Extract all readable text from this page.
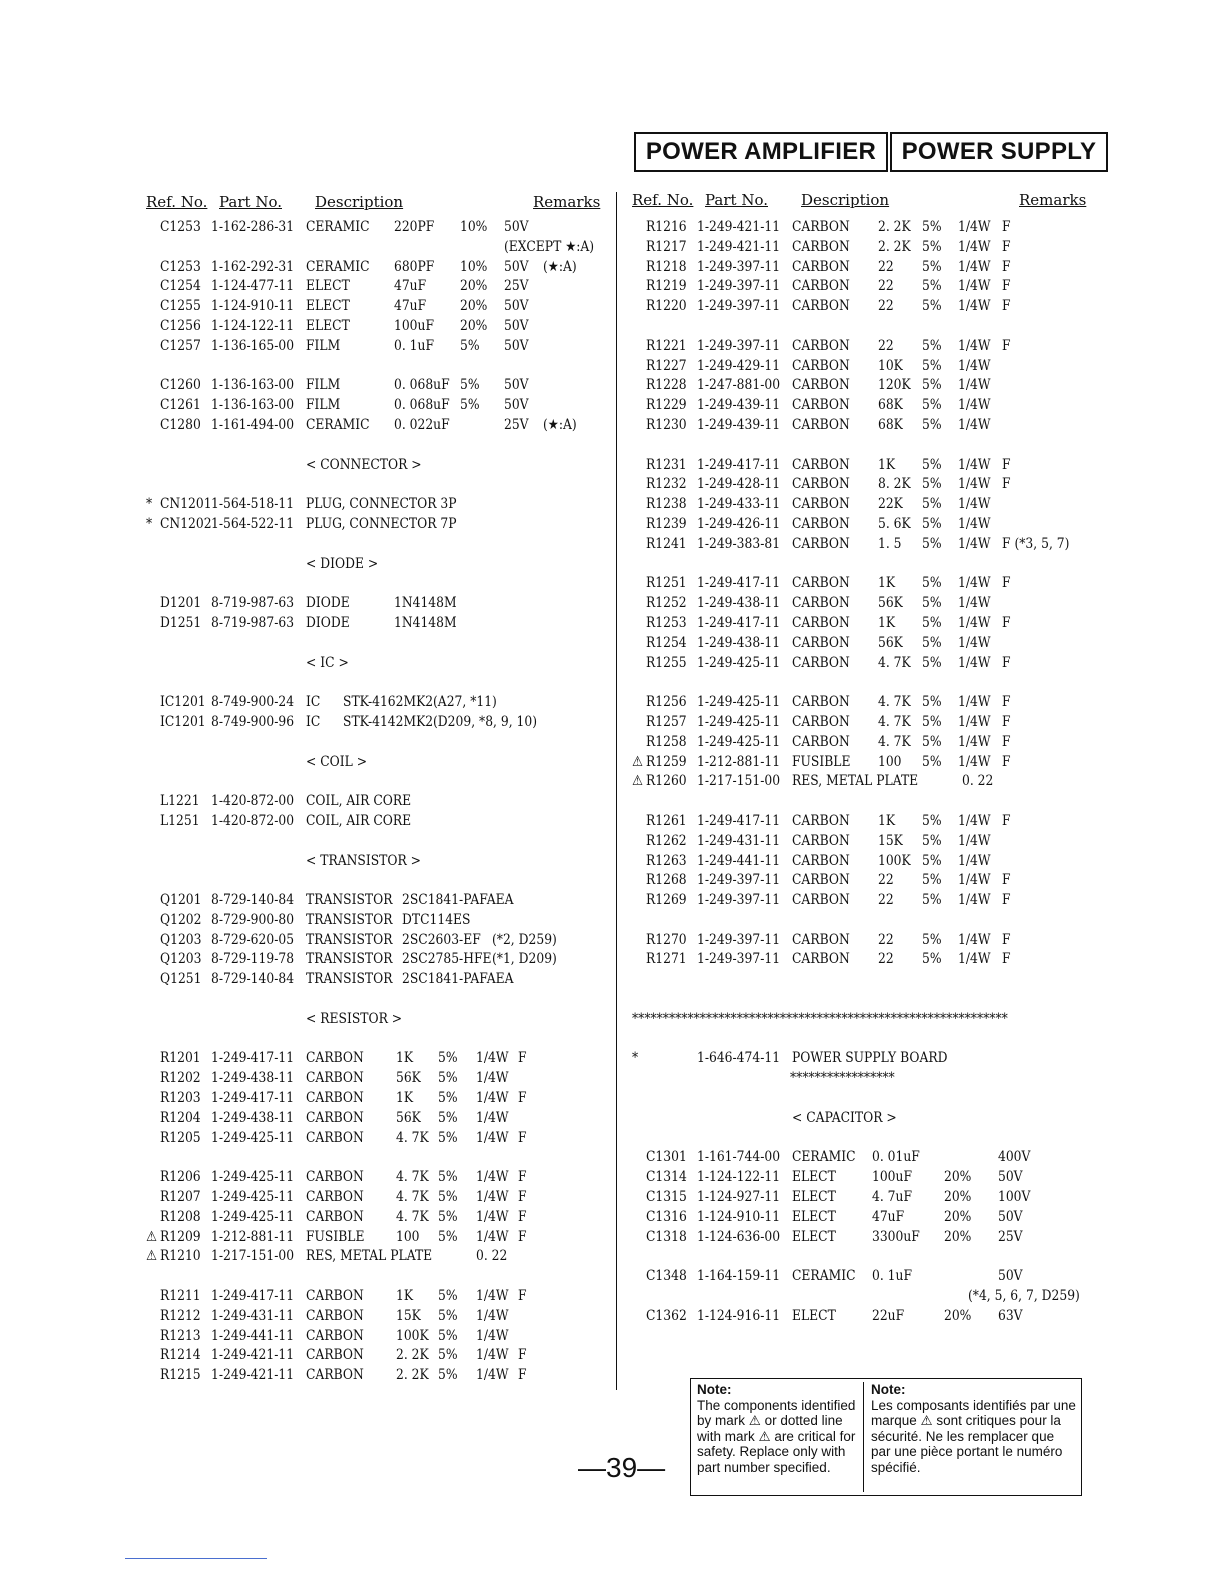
POWER AMPLIFIER	POWER SUPPLY
Ref. No. Part No. Description	Remarks Ref. No. Part No. Description	Remarks
C1253 1-162-286-31 CERAMIC 220PF 10% 50V
(EXCEPT ★:A)
C1253 1-162-292-31 CERAMIC 680PF 10% 50V (★:A)
C1254 1-124-477-11 ELECT	47uF 20% 25V
C1255 1-124-910-11 ELECT	47uF 20% 50V
C1256 1-124-122-11 ELECT	100uF 20% 50V
C1257 1-136-165-00 FILM	0. 1uF 5% 50V
C1260 1-136-163-00 FILM	0. 068uF 5% 50V
C1261 1-136-163-00 FILM	0. 068uF 5% 50V
C1280 1-161-494-00 CERAMIC 0. 022uF	25V (★:A)
< CONNECTOR >
* CN1201 1-564-518-11 PLUG, CONNECTOR 3P
* CN1202 1-564-522-11 PLUG, CONNECTOR 7P
< DIODE >
D1201 8-719-987-63 DIODE	1N4148M
D1251 8-719-987-63 DIODE	1N4148M
< IC >
IC1201 8-749-900-24 IC STK-4162MK2 (A27, *11)
IC1201 8-749-900-96 IC STK-4142MK2 (D209, *8, 9, 10)
< COIL >
L1221 1-420-872-00 COIL, AIR CORE
L1251 1-420-872-00 COIL, AIR CORE
< TRANSISTOR >
Q1201 8-729-140-84 TRANSISTOR 2SC1841-PAFAEA
Q1202 8-729-900-80 TRANSISTOR DTC114ES
Q1203 8-729-620-05 TRANSISTOR 2SC2603-EF (*2, D259)
Q1203 8-729-119-78 TRANSISTOR 2SC2785-HFE (*1, D209)
Q1251 8-729-140-84 TRANSISTOR 2SC1841-PAFAEA
< RESISTOR >
R1201 1-249-417-11 CARBON 1K 5% 1/4W F
R1202 1-249-438-11 CARBON 56K 5% 1/4W
R1203 1-249-417-11 CARBON 1K 5% 1/4W F
R1204 1-249-438-11 CARBON 56K 5% 1/4W
R1205 1-249-425-11 CARBON 4. 7K 5% 1/4W F
R1206 1-249-425-11 CARBON 4. 7K 5% 1/4W F
R1207 1-249-425-11 CARBON 4. 7K 5% 1/4W F
R1208 1-249-425-11 CARBON 4. 7K 5% 1/4W F
⚠ R1209 1-212-881-11 FUSIBLE 100 5% 1/4W F
⚠ R1210 1-217-151-00 RES, METAL PLATE	0. 22
R1211 1-249-417-11 CARBON 1K 5% 1/4W F
R1212 1-249-431-11 CARBON 15K 5% 1/4W
R1213 1-249-441-11 CARBON 100K 5% 1/4W
R1214 1-249-421-11 CARBON 2. 2K 5% 1/4W F
R1215 1-249-421-11 CARBON 2. 2K 5% 1/4W F
R1216 1-249-421-11 CARBON 2. 2K 5% 1/4W F
R1217 1-249-421-11 CARBON 2. 2K 5% 1/4W F
R1218 1-249-397-11 CARBON 22 5% 1/4W F
R1219 1-249-397-11 CARBON 22 5% 1/4W F
R1220 1-249-397-11 CARBON 22 5% 1/4W F
R1221 1-249-397-11 CARBON 22 5% 1/4W F
R1227 1-249-429-11 CARBON 10K 5% 1/4W
R1228 1-247-881-00 CARBON 120K 5% 1/4W
R1229 1-249-439-11 CARBON 68K 5% 1/4W
R1230 1-249-439-11 CARBON 68K 5% 1/4W
R1231 1-249-417-11 CARBON 1K 5% 1/4W F
R1232 1-249-428-11 CARBON 8. 2K 5% 1/4W F
R1238 1-249-433-11 CARBON 22K 5% 1/4W
R1239 1-249-426-11 CARBON 5. 6K 5% 1/4W
R1241 1-249-383-81 CARBON 1. 5 5% 1/4W F (*3, 5, 7)
R1251 1-249-417-11 CARBON 1K 5% 1/4W F
R1252 1-249-438-11 CARBON 56K 5% 1/4W
R1253 1-249-417-11 CARBON 1K 5% 1/4W F
R1254 1-249-438-11 CARBON 56K 5% 1/4W
R1255 1-249-425-11 CARBON 4. 7K 5% 1/4W F
R1256 1-249-425-11 CARBON 4. 7K 5% 1/4W F
R1257 1-249-425-11 CARBON 4. 7K 5% 1/4W F
R1258 1-249-425-11 CARBON 4. 7K 5% 1/4W F
⚠ R1259 1-212-881-11 FUSIBLE 100 5% 1/4W F
⚠ R1260 1-217-151-00 RES, METAL PLATE	0. 22
R1261 1-249-417-11 CARBON 1K 5% 1/4W F
R1262 1-249-431-11 CARBON 15K 5% 1/4W
R1263 1-249-441-11 CARBON 100K 5% 1/4W
R1268 1-249-397-11 CARBON 22 5% 1/4W F
R1269 1-249-397-11 CARBON 22 5% 1/4W F
R1270 1-249-397-11 CARBON 22 5% 1/4W F
R1271 1-249-397-11 CARBON 22 5% 1/4W F
*************************************************************
*	1-646-474-11 POWER SUPPLY BOARD
*****************
< CAPACITOR >
C1301 1-161-744-00 CERAMIC 0. 01uF	400V
C1314 1-124-122-11 ELECT	100uF 20% 50V
C1315 1-124-927-11 ELECT	4. 7uF 20% 100V
C1316 1-124-910-11 ELECT	47uF	20% 50V
C1318 1-124-636-00 ELECT	3300uF 20% 25V
C1348 1-164-159-11 CERAMIC 0. 1uF	50V
(*4, 5, 6, 7, D259)
C1362 1-124-916-11 ELECT	22uF	20% 63V
—39—
Note:
The components identified by mark ⚠ or dotted line with mark ⚠ are critical for safety. Replace only with part number specified.
Note:
Les composants identifiés par une marque ⚠ sont critiques pour la sécurité. Ne les remplacer que par une pièce portant le numéro spécifié.
